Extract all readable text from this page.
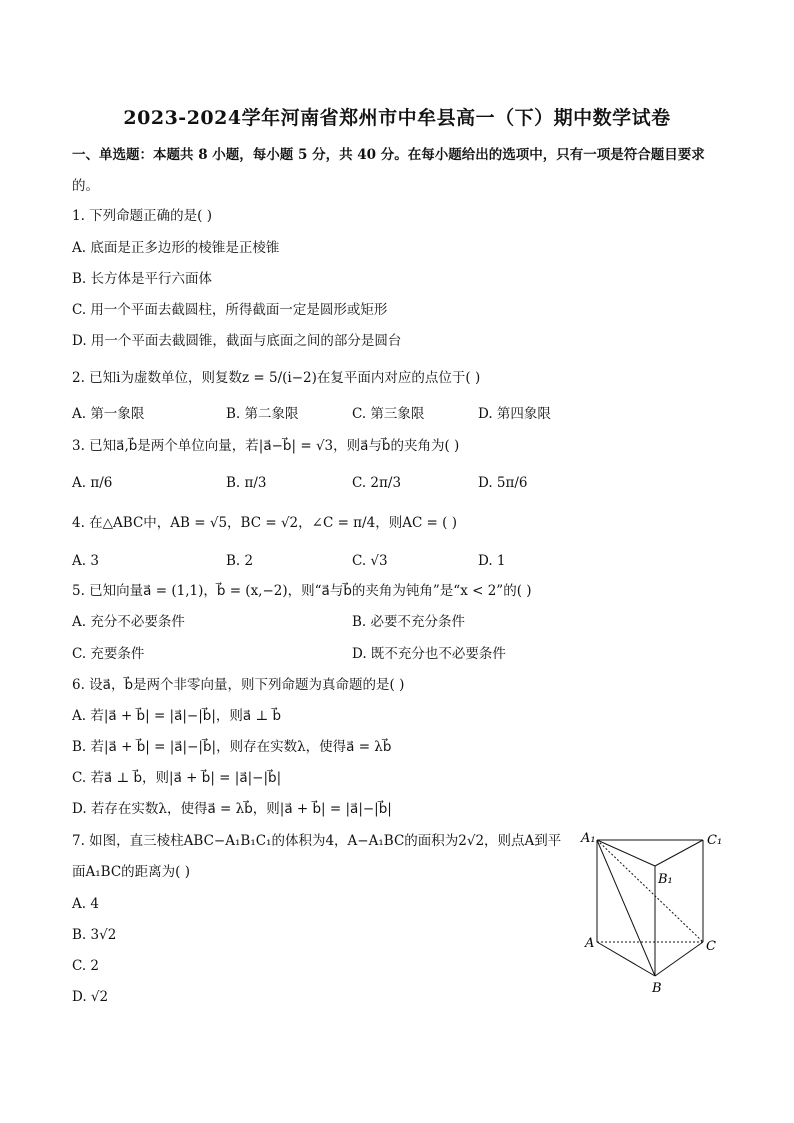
2023-2024学年河南省郑州市中牟县高一（下）期中数学试卷
一、单选题：本题共 8 小题，每小题 5 分，共 40 分。在每小题给出的选项中，只有一项是符合题目要求
的。
1. 下列命题正确的是( )
A. 底面是正多边形的棱锥是正棱锥
B. 长方体是平行六面体
C. 用一个平面去截圆柱，所得截面一定是圆形或矩形
D. 用一个平面去截圆锥，截面与底面之间的部分是圆台
2. 已知i为虚数单位，则复数z = 5/(i−2)在复平面内对应的点位于( )
A. 第一象限	B. 第二象限	C. 第三象限	D. 第四象限
3. 已知a⃗,b⃗是两个单位向量，若|a⃗−b⃗| = √3，则a⃗与b⃗的夹角为( )
A. π/6	B. π/3	C. 2π/3	D. 5π/6
4. 在△ABC中，AB = √5，BC = √2，∠C = π/4，则AC = ( )
A. 3	B. 2	C. √3	D. 1
5. 已知向量a⃗ = (1,1)，b⃗ = (x,−2)，则“a⃗与b⃗的夹角为钝角”是“x < 2”的( )
A. 充分不必要条件	B. 必要不充分条件
C. 充要条件	D. 既不充分也不必要条件
6. 设a⃗，b⃗是两个非零向量，则下列命题为真命题的是( )
A. 若|a⃗ + b⃗| = |a⃗|−|b⃗|，则a⃗ ⊥ b⃗
B. 若|a⃗ + b⃗| = |a⃗|−|b⃗|，则存在实数λ，使得a⃗ = λb⃗
C. 若a⃗ ⊥ b⃗，则|a⃗ + b⃗| = |a⃗|−|b⃗|
D. 若存在实数λ，使得a⃗ = λb⃗，则|a⃗ + b⃗| = |a⃗|−|b⃗|
7. 如图，直三棱柱ABC−A₁B₁C₁的体积为4，A−A₁BC的面积为2√2，则点A到平
面A₁BC的距离为( )
A. 4
B. 3√2
C. 2
D. √2
A₁	C₁
B₁
A	C
B
